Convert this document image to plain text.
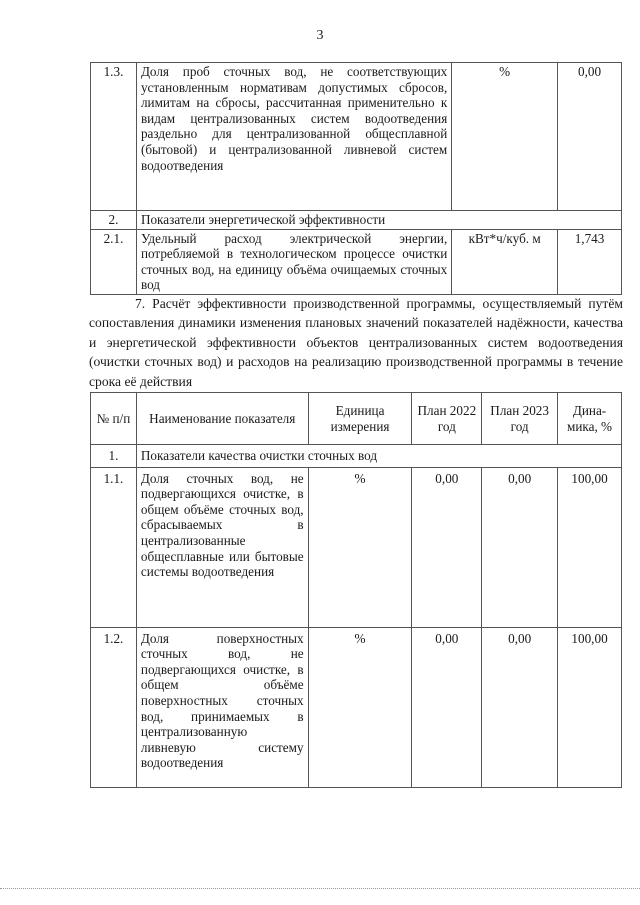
3
1.3.	Доля проб сточных вод, не соответствующих установленным нормативам допустимых сбросов, лимитам на сбросы, рассчитанная применительно к видам централизованных систем водоотведения раздельно для централизованной общесплавной (бытовой) и централизованной ливневой систем водоотведения	%	0,00
2.	Показатели энергетической эффективности		
2.1.	Удельный расход электрической энергии, потребляемой в технологическом процессе очистки сточных вод, на единицу объёма очищаемых сточных вод	кВт*ч/куб. м	1,743
7. Расчёт эффективности производственной программы, осуществляемый путём сопоставления динамики изменения плановых значений показателей надёжности, качества и энергетической эффективности объектов централизованных систем водоотведения (очистки сточных вод) и расходов на реализацию производственной программы в течение срока её действия
№ п/п	Наименование показателя	Единица измерения	План 2022 год	План 2023 год	Дина-мика, %
1.	Показатели качества очистки сточных вод				
1.1.	Доля сточных вод, не подвергающихся очистке, в общем объёме сточных вод, сбрасываемых в централизованные общесплавные или бытовые системы водоотведения	%	0,00	0,00	100,00
1.2.	Доля поверхностных сточных вод, не подвергающихся очистке, в общем объёме поверхностных сточных вод, принимаемых в централизованную ливневую систему водоотведения	%	0,00	0,00	100,00
